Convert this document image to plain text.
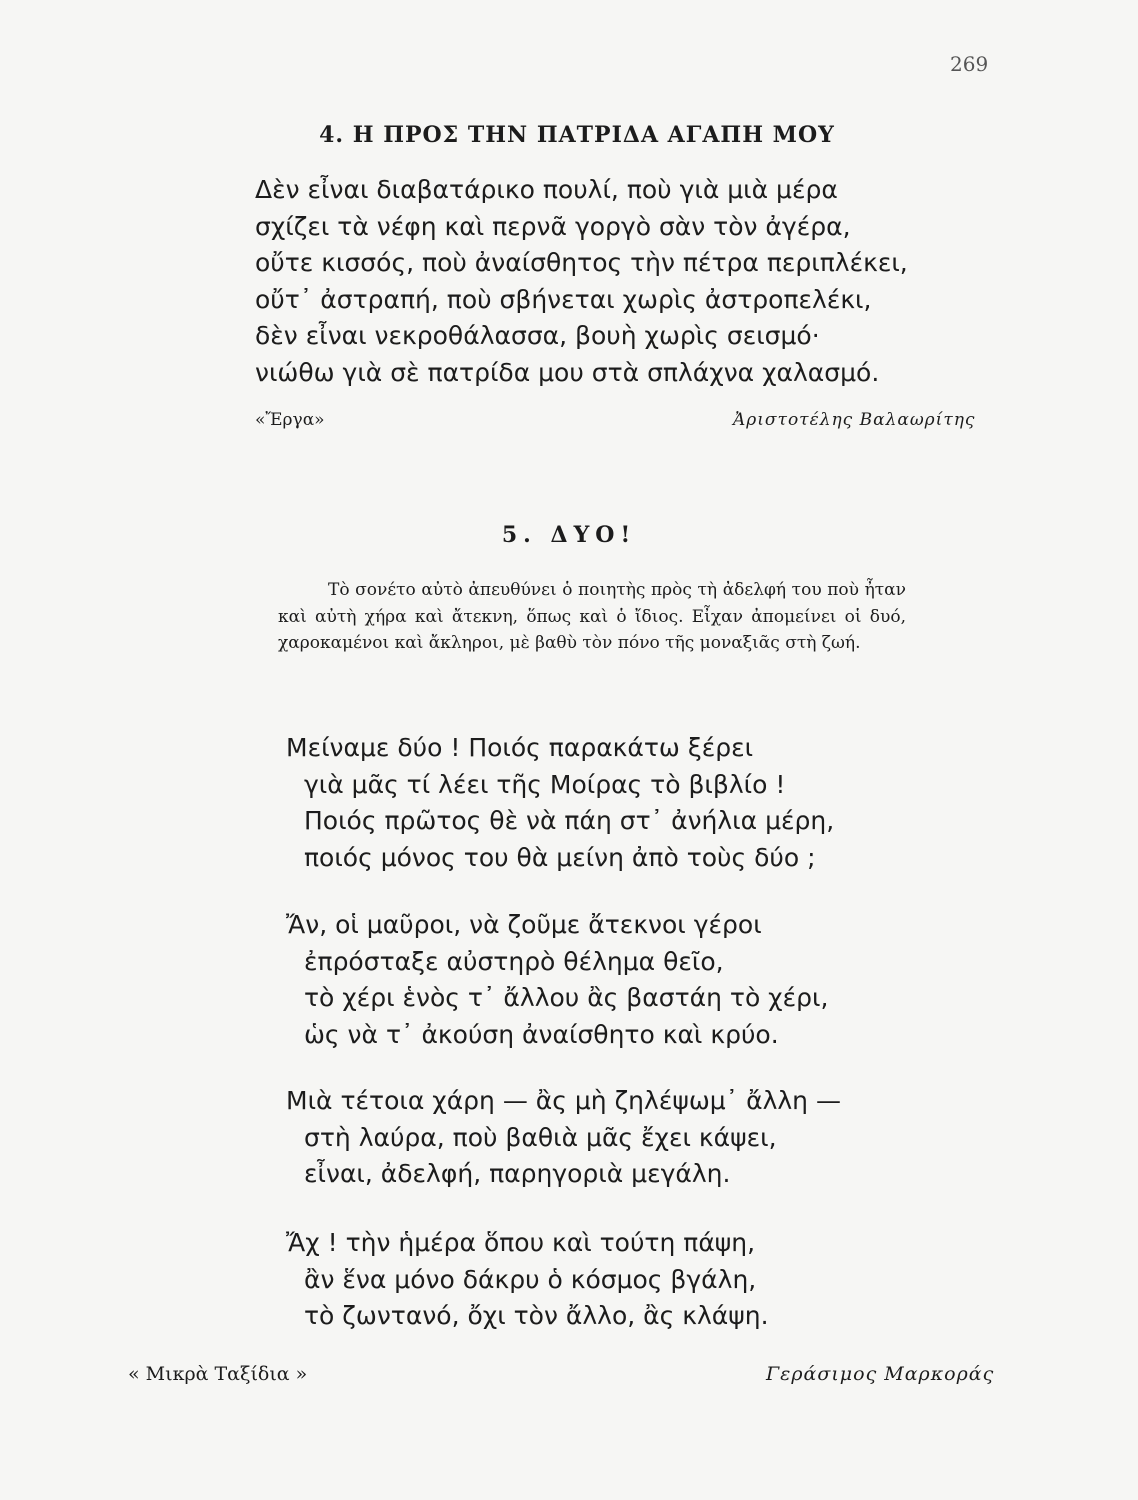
269
4. Η ΠΡΟΣ ΤΗΝ ΠΑΤΡΙΔΑ ΑΓΑΠΗ ΜΟΥ
Δὲν εἶναι διαβατάρικο πουλί, ποὺ γιὰ μιὰ μέρα
σχίζει τὰ νέφη καὶ περνᾶ γοργὸ σὰν τὸν ἀγέρα,
οὔτε κισσός, ποὺ ἀναίσθητος τὴν πέτρα περιπλέκει,
οὔτ᾿ ἀστραπή, ποὺ σβήνεται χωρὶς ἀστροπελέκι,
δὲν εἶναι νεκροθάλασσα, βουὴ χωρὶς σεισμό·
νιώθω γιὰ σὲ πατρίδα μου στὰ σπλάχνα χαλασμό.
«Ἔργα»	Ἀριστοτέλης Βαλαωρίτης
5. ΔΥΟ!

Τὸ σονέτο αὐτὸ ἀπευθύνει ὁ ποιητὴς πρὸς τὴ ἀδελφή του ποὺ ἦταν καὶ αὐτὴ χήρα καὶ ἄτεκνη, ὅπως καὶ ὁ ἴδιος. Εἶχαν ἀπομείνει οἱ δυό, χαροκαμένοι καὶ ἄκληροι, μὲ βαθὺ τὸν πόνο τῆς μοναξιᾶς στὴ ζωή.

Μείναμε δύο ! Ποιός παρακάτω ξέρει
γιὰ μᾶς τί λέει τῆς Μοίρας τὸ βιβλίο !
Ποιός πρῶτος θὲ νὰ πάη στ᾿ ἀνήλια μέρη,
ποιός μόνος του θὰ μείνη ἀπὸ τοὺς δύο ;
Ἄν, οἱ μαῦροι, νὰ ζοῦμε ἄτεκνοι γέροι
ἐπρόσταξε αὐστηρὸ θέλημα θεῖο,
τὸ χέρι ἑνὸς τ᾿ ἄλλου ἂς βαστάη τὸ χέρι,
ὡς νὰ τ᾿ ἀκούση ἀναίσθητο καὶ κρύο.
Μιὰ τέτοια χάρη — ἂς μὴ ζηλέψωμ᾿ ἄλλη —
στὴ λαύρα, ποὺ βαθιὰ μᾶς ἔχει κάψει,
εἶναι, ἀδελφή, παρηγοριὰ μεγάλη.
Ἄχ ! τὴν ἡμέρα ὅπου καὶ τούτη πάψη,
ἂν ἕνα μόνο δάκρυ ὁ κόσμος βγάλη,
τὸ ζωντανό, ὄχι τὸν ἄλλο, ἂς κλάψη.
« Μικρὰ Ταξίδια »	Γεράσιμος Μαρκοράς
